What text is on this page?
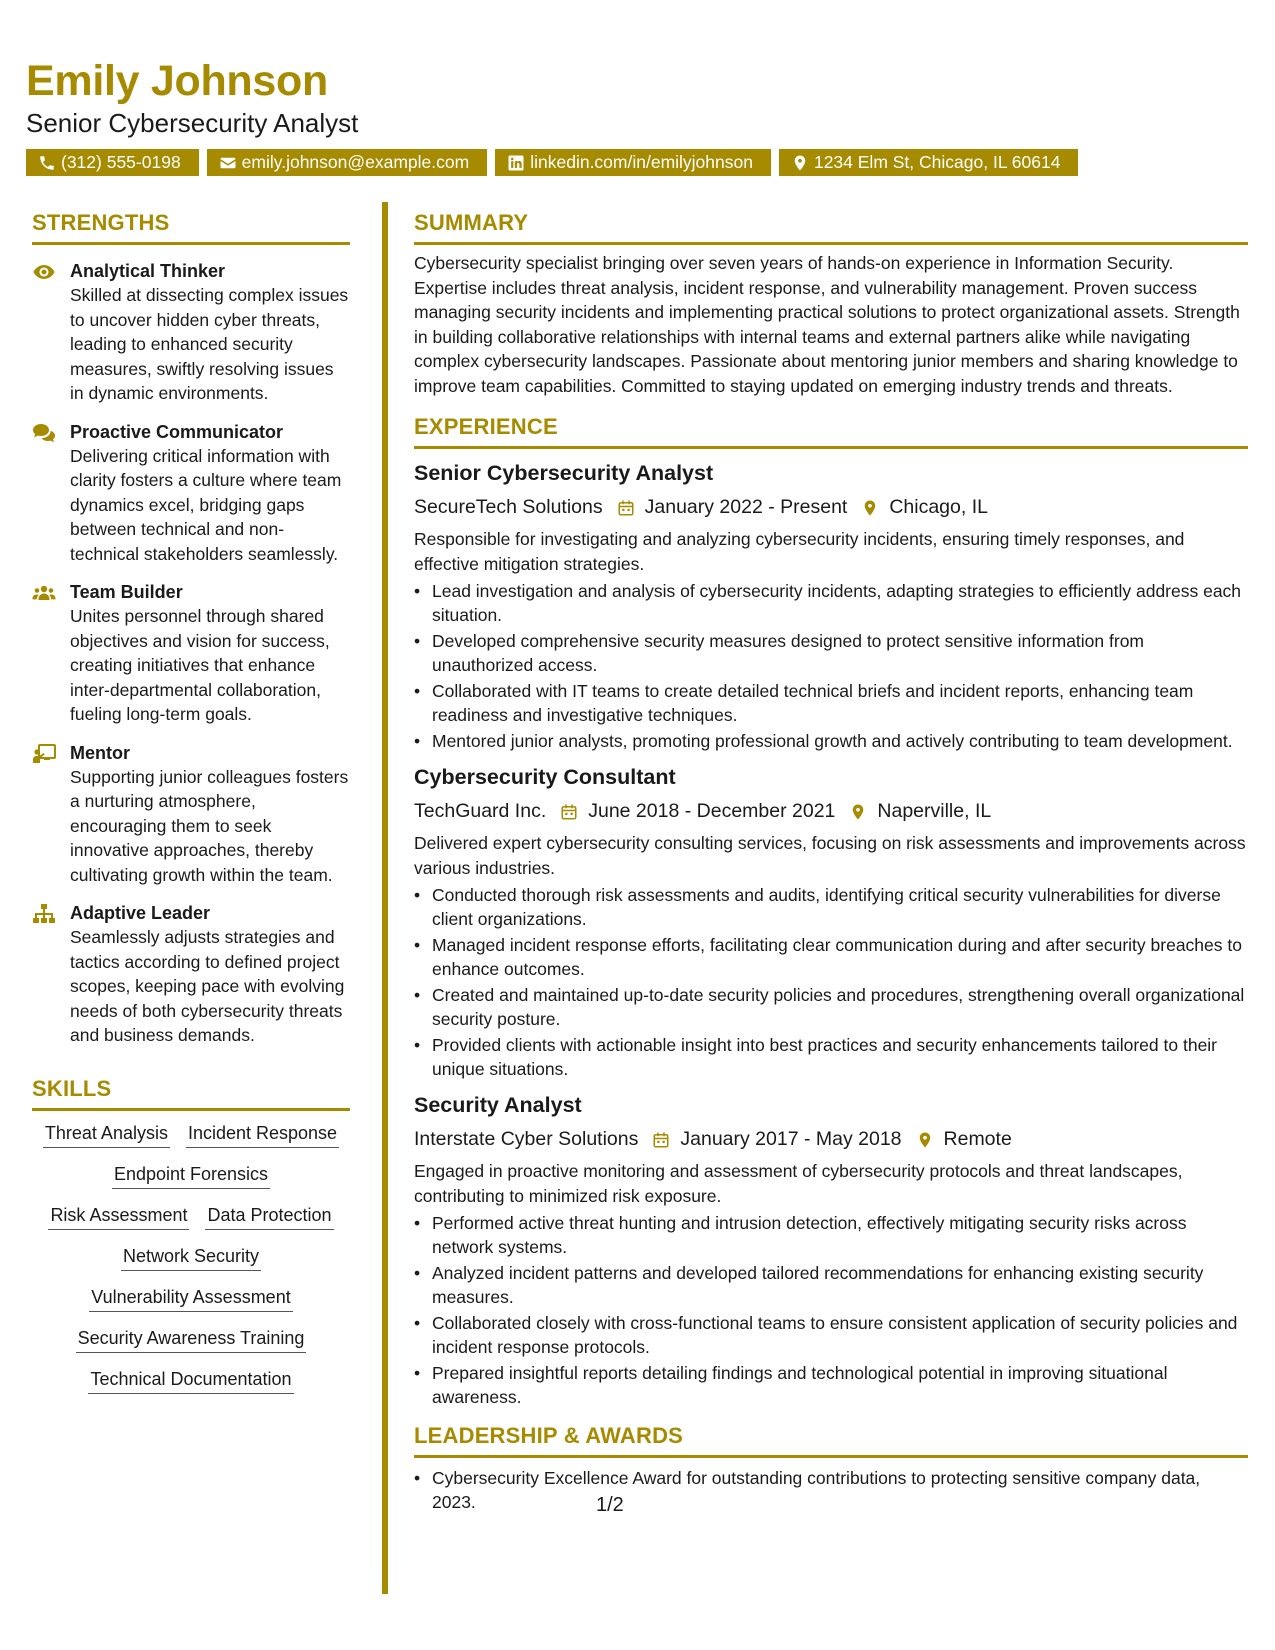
Emily Johnson
Senior Cybersecurity Analyst
(312) 555-0198	emily.johnson@example.com	linkedin.com/in/emilyjohnson	1234 Elm St, Chicago, IL 60614
STRENGTHS
Analytical Thinker
Skilled at dissecting complex issues to uncover hidden cyber threats, leading to enhanced security measures, swiftly resolving issues in dynamic environments.
Proactive Communicator
Delivering critical information with clarity fosters a culture where team dynamics excel, bridging gaps between technical and non-technical stakeholders seamlessly.
Team Builder
Unites personnel through shared objectives and vision for success, creating initiatives that enhance inter-departmental collaboration, fueling long-term goals.
Mentor
Supporting junior colleagues fosters a nurturing atmosphere, encouraging them to seek innovative approaches, thereby cultivating growth within the team.
Adaptive Leader
Seamlessly adjusts strategies and tactics according to defined project scopes, keeping pace with evolving needs of both cybersecurity threats and business demands.
SKILLS
Threat Analysis Incident Response
Endpoint Forensics
Risk Assessment Data Protection
Network Security
Vulnerability Assessment
Security Awareness Training
Technical Documentation
SUMMARY
Cybersecurity specialist bringing over seven years of hands-on experience in Information Security. Expertise includes threat analysis, incident response, and vulnerability management. Proven success managing security incidents and implementing practical solutions to protect organizational assets. Strength in building collaborative relationships with internal teams and external partners alike while navigating complex cybersecurity landscapes. Passionate about mentoring junior members and sharing knowledge to improve team capabilities. Committed to staying updated on emerging industry trends and threats.
EXPERIENCE
Senior Cybersecurity Analyst
SecureTech Solutions January 2022 - Present Chicago, IL
Responsible for investigating and analyzing cybersecurity incidents, ensuring timely responses, and effective mitigation strategies.
• Lead investigation and analysis of cybersecurity incidents, adapting strategies to efficiently address each situation.
• Developed comprehensive security measures designed to protect sensitive information from unauthorized access.
• Collaborated with IT teams to create detailed technical briefs and incident reports, enhancing team readiness and investigative techniques.
• Mentored junior analysts, promoting professional growth and actively contributing to team development.
Cybersecurity Consultant
TechGuard Inc. June 2018 - December 2021 Naperville, IL
Delivered expert cybersecurity consulting services, focusing on risk assessments and improvements across various industries.
• Conducted thorough risk assessments and audits, identifying critical security vulnerabilities for diverse client organizations.
• Managed incident response efforts, facilitating clear communication during and after security breaches to enhance outcomes.
• Created and maintained up-to-date security policies and procedures, strengthening overall organizational security posture.
• Provided clients with actionable insight into best practices and security enhancements tailored to their unique situations.
Security Analyst
Interstate Cyber Solutions January 2017 - May 2018 Remote
Engaged in proactive monitoring and assessment of cybersecurity protocols and threat landscapes, contributing to minimized risk exposure.
• Performed active threat hunting and intrusion detection, effectively mitigating security risks across network systems.
• Analyzed incident patterns and developed tailored recommendations for enhancing existing security measures.
• Collaborated closely with cross-functional teams to ensure consistent application of security policies and incident response protocols.
• Prepared insightful reports detailing findings and technological potential in improving situational awareness.
LEADERSHIP & AWARDS
• Cybersecurity Excellence Award for outstanding contributions to protecting sensitive company data, 2023.	1/2
